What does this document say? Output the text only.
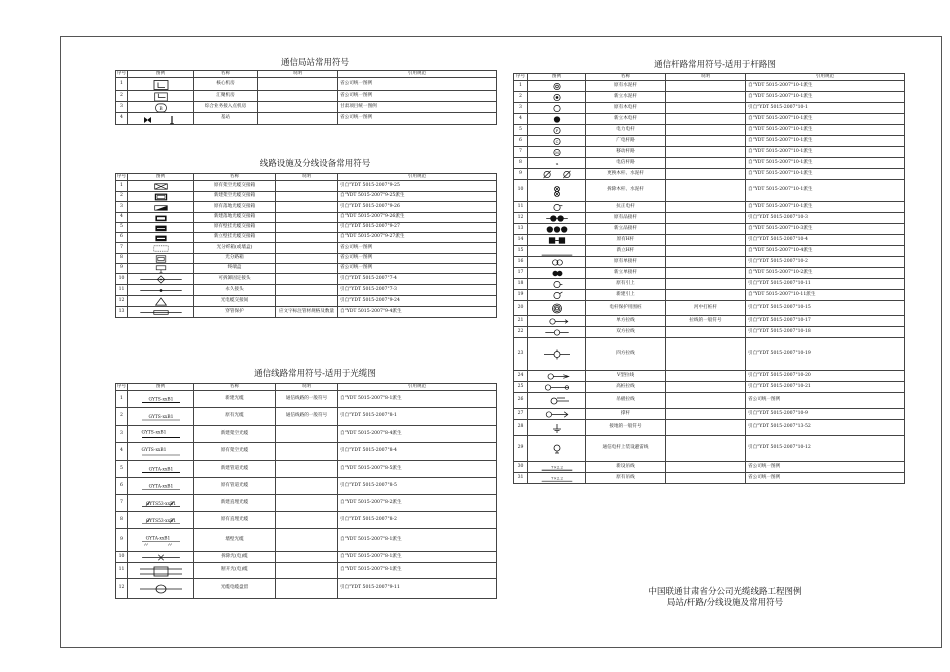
通信局站常用符号
序号	图例	名称	说明	引用规范
1		核心机房		省公司统一图例
2		汇聚机房		省公司统一图例
3	B	综合业务接入点机房		甘肃项目统一图例
4		基站		省公司统一图例
线路设施及分线设备常用符号
序号	图例	名称	说明	引用规范
1		原有架空光缆交接箱		引自"YDT 5015-2007"9-25
2		新建架空光缆交接箱		自"YDT 5015-2007"9-25派生
3		原有落地光缆交接箱		引自"YDT 5015-2007"9-26
4		新建落地光缆交接箱		自"YDT 5015-2007"9-26派生
5		原有壁挂光缆交接箱		引自"YDT 5015-2007"9-27
6		新立壁挂光缆交接箱		自"YDT 5015-2007"9-27派生
7		光分纤箱(或墙盒)		省公司统一图例
8		光分路箱		省公司统一图例
9		终端盒		省公司统一图例
10		可拆卸固定接头		引自"YDT 5015-2007"7-4
11		永久接头		引自"YDT 5015-2007"7-3
12		光电缆交接间		引自"YDT 5015-2007"9-24
13		穿管保护	应文字标注管材规格及数量	自"YDT 5015-2007"9-4派生
通信线路常用符号-适用于光缆图
序号	图例	名称	说明	引用规范
1	GYTS-xxB1	新建光缆	通信线路的一般符号	自"YDT 5015-2007"8-1派生
2	GYTS-xxB1	原有光缆	通信线路的一般符号	引自"YDT 5015-2007"8-1
3	GYTS-xxB1	新建架空光缆		自"YDT 5015-2007"8-4派生
4	GYTS-xxB1	原有架空光缆		引自"YDT 5015-2007"8-4
5	GYTA-xxB1	新建管道光缆		自"YDT 5015-2007"8-5派生
6	GYTA-xxB1	原有管道光缆		引自"YDT 5015-2007"8-5
7	GYTS53-xxB1	新建直埋光缆		自"YDT 5015-2007"8-2派生
8	GYTS53-xxB1	原有直埋光缆		引自"YDT 5015-2007"8-2
9	GYTA-xxB1	墙壁光缆		自"YDT 5015-2007"8-1派生
10		拆除光(电)缆		自"YDT 5015-2007"8-1派生
11		断开光(电)缆		自"YDT 5015-2007"8-1派生
12		光缆电缆盘留		引自"YDT 5015-2007"9-11
通信杆路常用符号-适用于杆路图
序号	图例	名称	说明	引用规范
1		原有水泥杆		自"YDT 5015-2007"10-1派生
2		新立水泥杆		自"YDT 5015-2007"10-1派生
3		原有木电杆		引自"YDT 5015-2007"10-1
4		新立木电杆		自"YDT 5015-2007"10-1派生
5	P	电力电杆		自"YDT 5015-2007"10-1派生
6	C	广电杆路		自"YDT 5015-2007"10-1派生
7	M	移动杆路		自"YDT 5015-2007"10-1派生
8	u	电信杆路		自"YDT 5015-2007"10-1派生
9		更换木杆、水泥杆		自"YDT 5015-2007"10-1派生
10		拆除木杆、水泥杆		自"YDT 5015-2007"10-1派生
11		抗正电杆		自"YDT 5015-2007"10-1派生
12		原有品接杆		引自"YDT 5015-2007"10-3
13		新立品接杆		自"YDT 5015-2007"10-3派生
14		原有H杆		引自"YDT 5015-2007"10-4
15		新立H杆		自"YDT 5015-2007"10-4派生
16		原有单接杆		引自"YDT 5015-2007"10-2
17		新立单接杆		自"YDT 5015-2007"10-2派生
18		原有引上		引自"YDT 5015-2007"10-11
19		新建引上		自"YDT 5015-2007"10-11派生
20		电杆保护用围桩	河中打桩杆	引自"YDT 5015-2007"10-15
21		单方拉线	拉线的一般符号	引自"YDT 5015-2007"10-17
22		双方拉线		引自"YDT 5015-2007"10-18
23		四方拉线		引自"YDT 5015-2007"10-19
24		V型拉线		引自"YDT 5015-2007"10-20
25		高桩拉线		引自"YDT 5015-2007"10-21
26		吊板拉线		省公司统一图例
27		撑杆		引自"YDT 5015-2007"10-9
28		接地的一般符号		引自"YDT 5015-2007"13-52
29		通信电杆上装设避雷线		引自"YDT 5015-2007"10-12
30	7×2.2	新设吊线		省公司统一图例
31	7×2.2	原有吊线		省公司统一图例
中国联通甘肃省分公司光缆线路工程图例
局站/杆路/分线设施及常用符号
